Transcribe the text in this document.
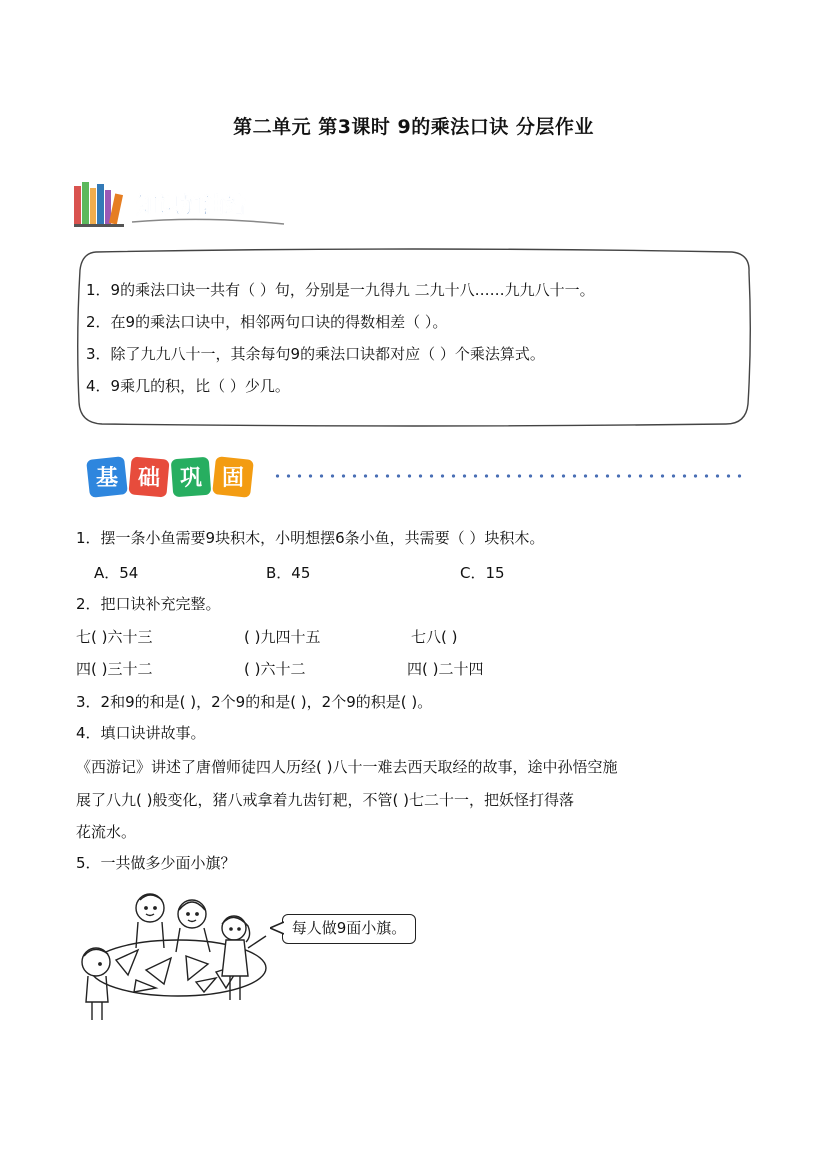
第二单元 第3课时 9的乘法口诀 分层作业
知识加油站
1．9的乘法口诀一共有（ ）句，分别是一九得九 二九十八……九九八十一。
2．在9的乘法口诀中，相邻两句口诀的得数相差（ ）。
3．除了九九八十一，其余每句9的乘法口诀都对应（ ）个乘法算式。
4．9乘几的积，比（ ）少几。
基 础 巩 固
1．摆一条小鱼需要9块积木，小明想摆6条小鱼，共需要（ ）块积木。
A．54	B．45	C．15
2．把口诀补充完整。
七( )六十三	( )九四十五	七八( )
四( )三十二	( )六十二	四( )二十四
3．2和9的和是( )，2个9的和是( )，2个9的积是( )。
4．填口诀讲故事。
《西游记》讲述了唐僧师徒四人历经( )八十一难去西天取经的故事，途中孙悟空施
展了八九( )般变化，猪八戒拿着九齿钉耙，不管( )七二十一，把妖怪打得落
花流水。
5．一共做多少面小旗？
每人做9面小旗。
